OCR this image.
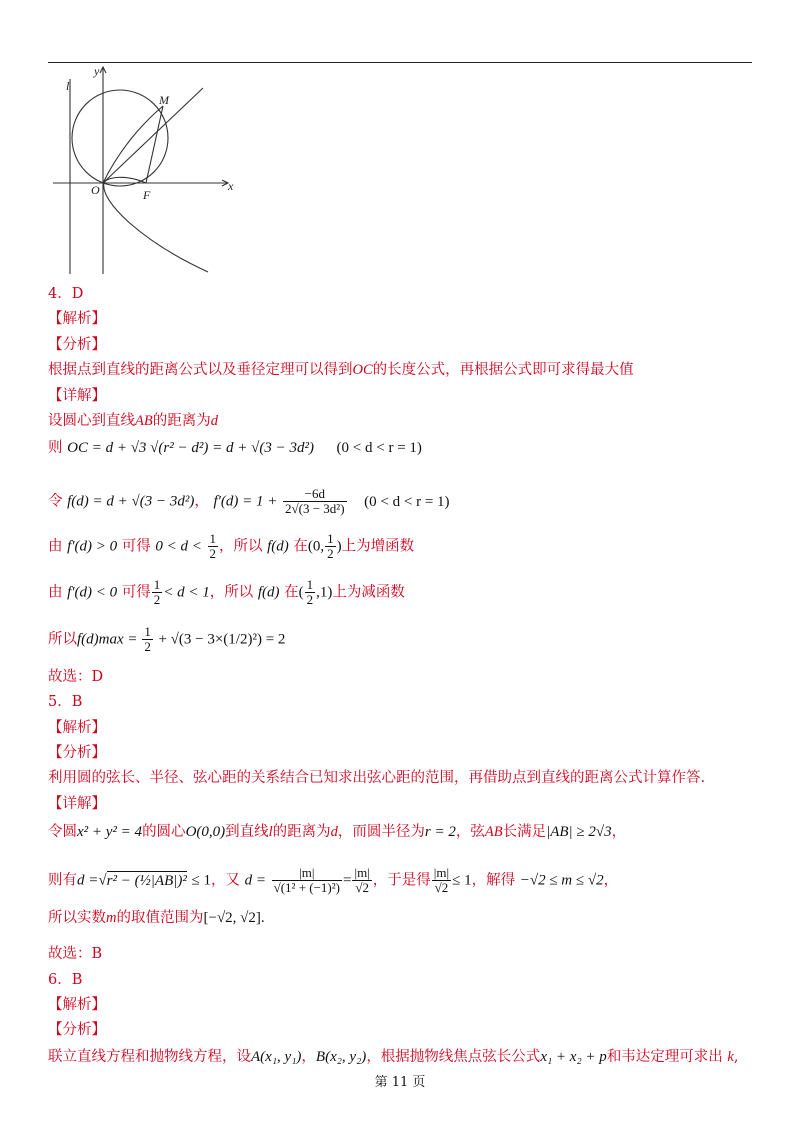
l
y
x
M
O	F
4．D
【解析】
【分析】
根据点到直线的距离公式以及垂径定理可以得到OC的长度公式，再根据公式即可求得最大值
【详解】
设圆心到直线AB的距离为d
则 OC = d + √3 √(r² − d²) = d + √(3 − 3d²) (0 < d < r = 1)
令 f(d) = d + √(3 − 3d²)， $f'(d) = 1 + \frac{-6d}{\text{2√(3 − 3d²)}} (0 < d < r = 1)$
由 f′(d) > 0 可得 $0 < d < \frac{1}{2}$ ，所以 f(d) 在(0, $\frac{1}{2}$ )上为增函数
由 f′(d) < 0 可得 $\frac{1}{2} < d < 1$，所以 f(d) 在( $\frac{1}{2} ,1$)上为减函数
所以$f(d)\max = \frac{1}{2} + √(3 - 3\times(1/2)^2) = 2$
故选：D
5．B
【解析】
【分析】
利用圆的弦长、半径、弦心距的关系结合已知求出弦心距的范围，再借助点到直线的距离公式计算作答.
【详解】
令圆x² + y² = 4的圆心O(0,0)到直线l的距离为d，而圆半径为r = 2，弦AB长满足|AB| ≥ 2√3，
则有d =√r² − (½|AB|)² ≤ 1，又 $d = \frac{|m|}{\text{√(1² + (−1)²)}} = \frac{|m|}{√2}$ ，于是得 $\frac{|m|}{√2} \le 1$，解得 −√2 ≤ m ≤ √2，
所以实数m的取值范围为[−√2, √2].
故选：B
6．B
【解析】
【分析】
联立直线方程和抛物线方程，设A(x₁, y₁)，B(x₂, y₂)，根据抛物线焦点弦长公式x₁ + x₂ + p和韦达定理可求出 k,
第 11 页
